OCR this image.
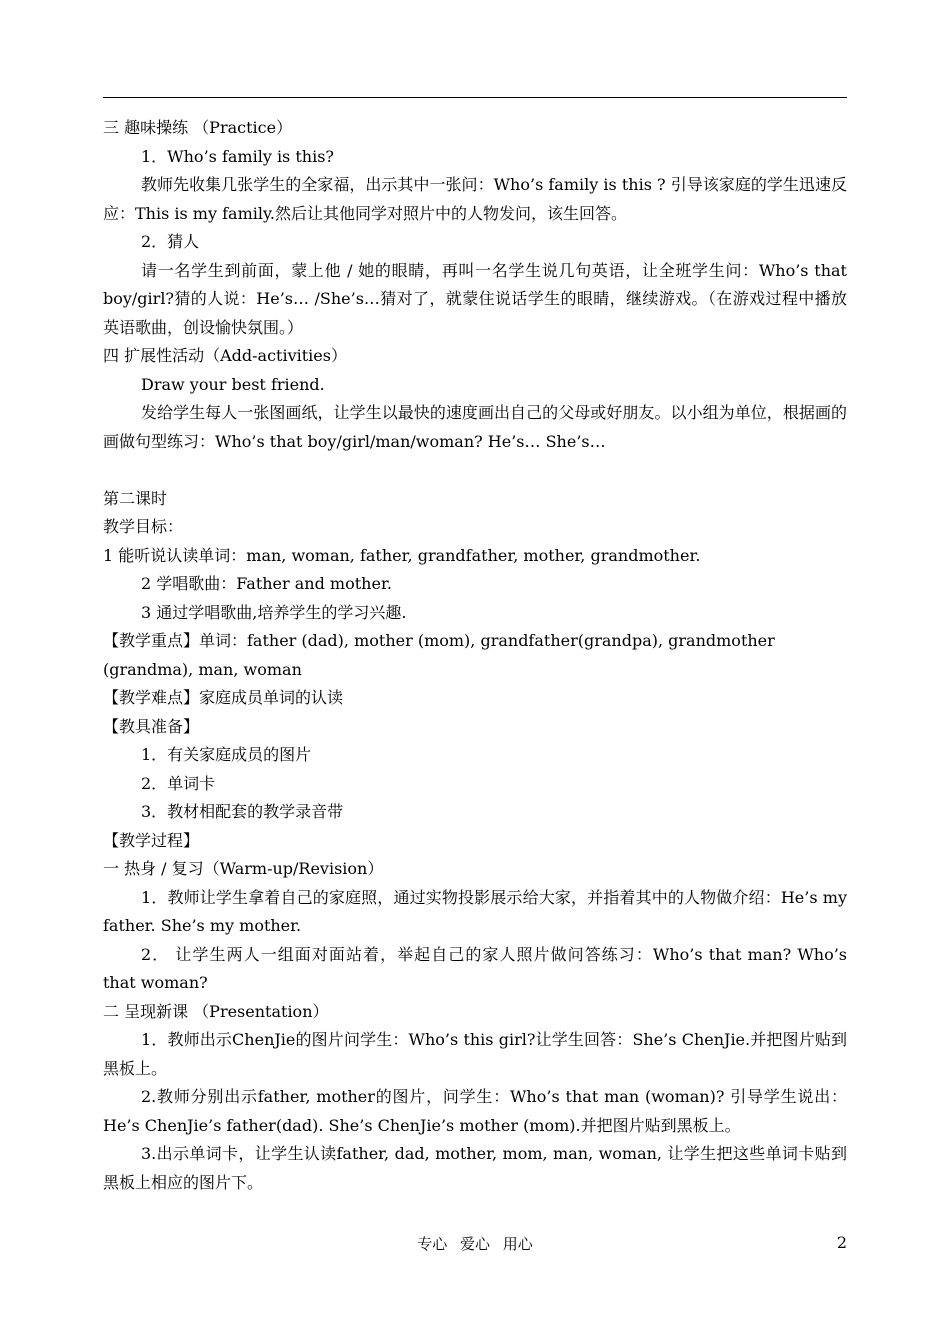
三 趣味操练 （Practice）

1．Who’s family is this?

教师先收集几张学生的全家福，出示其中一张问：Who’s family is this ? 引导该家庭的学生迅速反应：This is my family.然后让其他同学对照片中的人物发问，该生回答。

2．猜人

请一名学生到前面，蒙上他 / 她的眼睛，再叫一名学生说几句英语，让全班学生问：Who’s that boy/girl?猜的人说：He’s… /She’s…猜对了，就蒙住说话学生的眼睛，继续游戏。（在游戏过程中播放英语歌曲，创设愉快氛围。）

四 扩展性活动（Add-activities）

Draw your best friend.

发给学生每人一张图画纸，让学生以最快的速度画出自己的父母或好朋友。以小组为单位，根据画的画做句型练习：Who’s that boy/girl/man/woman? He’s… She’s…

第二课时

教学目标：

1 能听说认读单词：man, woman, father, grandfather, mother, grandmother.

2 学唱歌曲：Father and mother.

3 通过学唱歌曲,培养学生的学习兴趣.

【教学重点】单词：father (dad), mother (mom), grandfather(grandpa), grandmother (grandma), man, woman

【教学难点】家庭成员单词的认读

【教具准备】

1．有关家庭成员的图片

2．单词卡

3．教材相配套的教学录音带

【教学过程】

一 热身 / 复习（Warm-up/Revision）

1．教师让学生拿着自己的家庭照，通过实物投影展示给大家，并指着其中的人物做介绍：He’s my father. She’s my mother.

2． 让学生两人一组面对面站着，举起自己的家人照片做问答练习：Who’s that man? Who’s that woman?

二 呈现新课 （Presentation）

1．教师出示ChenJie的图片问学生：Who’s this girl?让学生回答：She’s ChenJie.并把图片贴到黑板上。

2.教师分别出示father, mother的图片，问学生：Who’s that man (woman)? 引导学生说出：He’s ChenJie’s father(dad). She’s ChenJie’s mother (mom).并把图片贴到黑板上。

3.出示单词卡，让学生认读father, dad, mother, mom, man, woman, 让学生把这些单词卡贴到黑板上相应的图片下。

专心 爱心 用心	2
